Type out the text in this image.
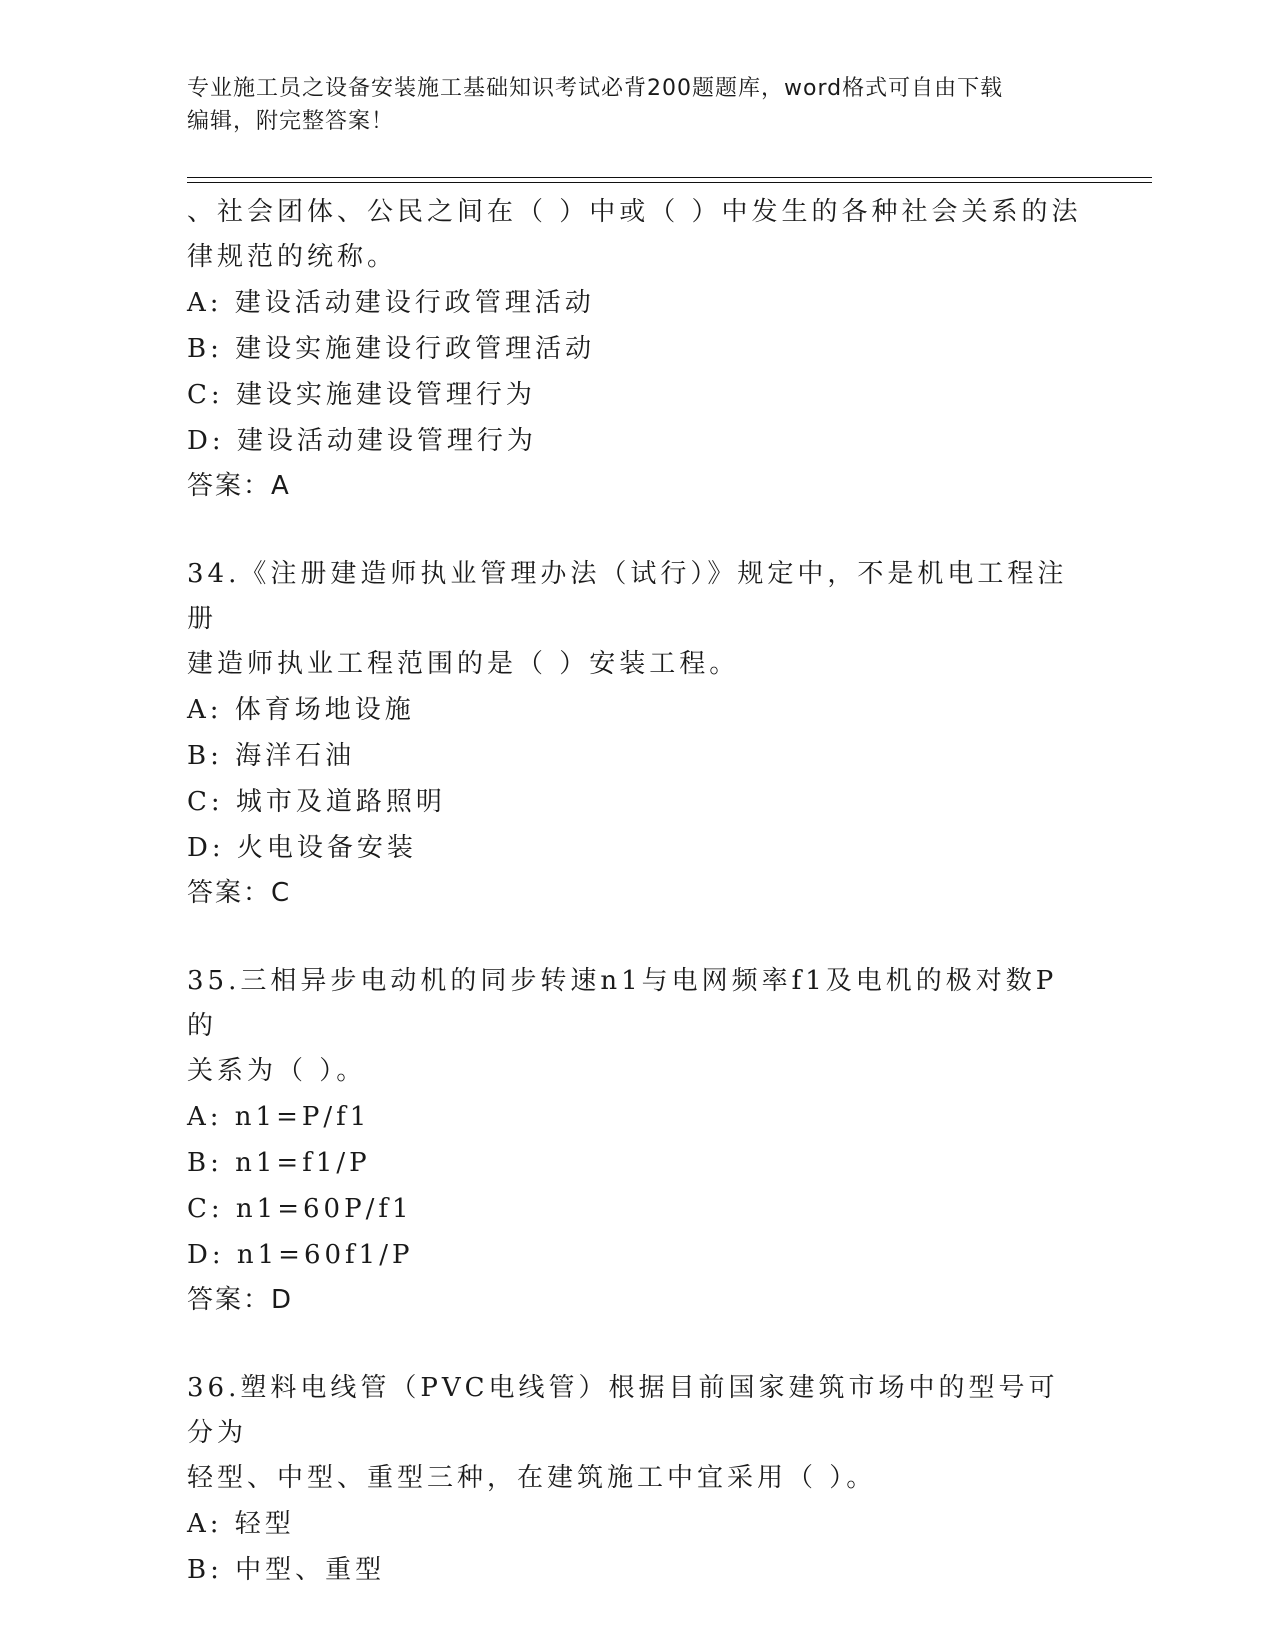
专业施工员之设备安装施工基础知识考试必背200题题库，word格式可自由下载
编辑，附完整答案！

、社会团体、公民之间在（ ）中或（ ）中发生的各种社会关系的法

律规范的统称。

A: 建设活动建设行政管理活动

B: 建设实施建设行政管理活动

C: 建设实施建设管理行为

D: 建设活动建设管理行为

答案：A

34.《注册建造师执业管理办法（试行）》规定中，不是机电工程注册

建造师执业工程范围的是（ ）安装工程。

A: 体育场地设施

B: 海洋石油

C: 城市及道路照明

D: 火电设备安装

答案：C

35.三相异步电动机的同步转速n1与电网频率f1及电机的极对数P的

关系为（ ）。

A: n1=P/f1

B: n1=f1/P

C: n1=60P/f1

D: n1=60f1/P

答案：D

36.塑料电线管（PVC电线管）根据目前国家建筑市场中的型号可分为

轻型、中型、重型三种，在建筑施工中宜采用（ ）。

A: 轻型

B: 中型、重型
